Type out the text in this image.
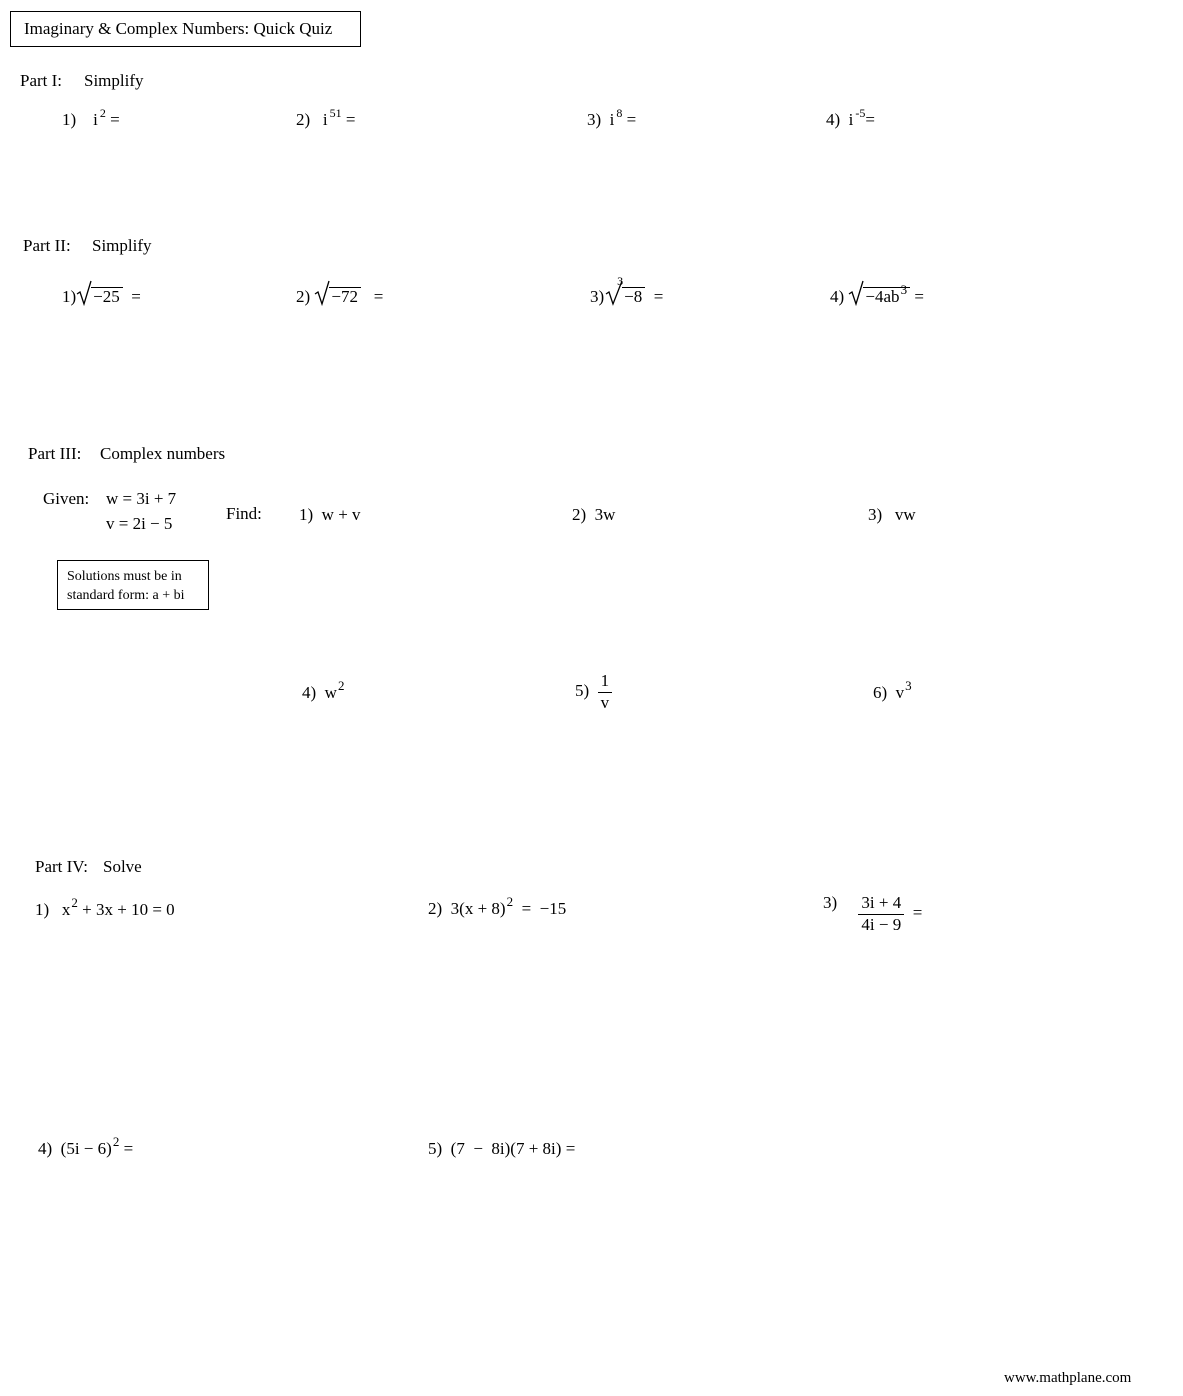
Imaginary & Complex Numbers: Quick Quiz
Part I: Simplify
1) i $^2$ =	2) i $^{51}$ =	3) i $^8$ =	4) i $^{-5}$=
Part II: Simplify
1) −25 =	2) −72 =	3)
3
−8 =	$4) -4ab^3$ =
Part III: Complex numbers
Given: w = 3i + 7
v = 2i − 5
Find:
Solutions must be in
standard form: a + bi
1) w + v	2) 3w	3) vw
4) $w^2$	$5) \frac{1}{v}$	6) $v^3$
Part IV: Solve
1) $x^2 + 3x + 10 = 0$	2) $3(x + 8)^2 = -15$	$3) \frac{3i + 4}{4i - 9}$ =
4) $(5i - 6)^2$ =	5) (7  −  8i)(7 + 8i) =
www.mathplane.com
